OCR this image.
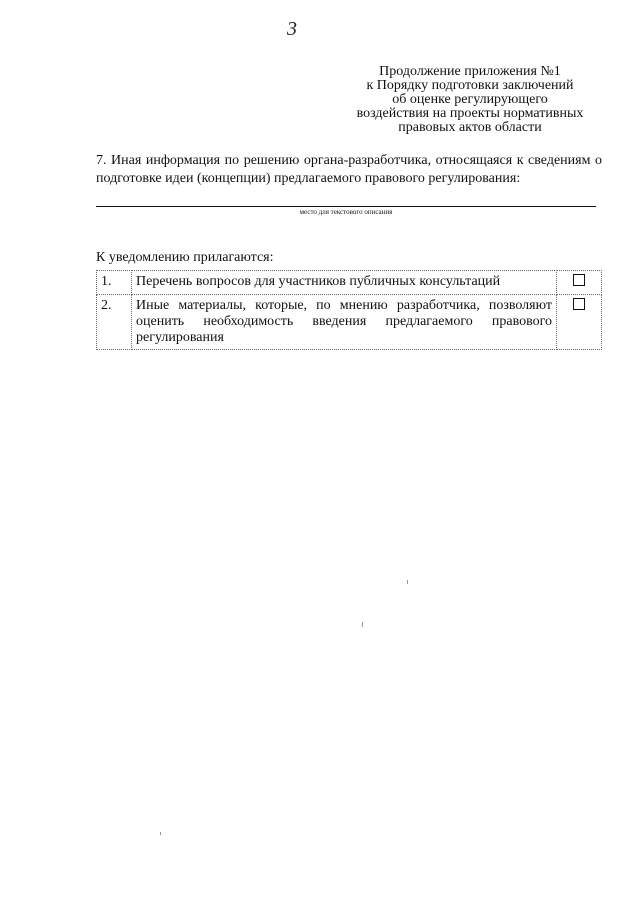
3
Продолжение приложения №1
к Порядку подготовки заключений
об оценке регулирующего
воздействия на проекты нормативных
правовых актов области
7. Иная информация по решению органа-разработчика, относящаяся к сведениям о подготовке идеи (концепции) предлагаемого правового регулирования:
место для текстового описания
К уведомлению прилагаются:
1.	Перечень вопросов для участников публичных консультаций	
2.	Иные материалы, которые, по мнению разработчика, позволяют оценить необходимость введения предлагаемого правового регулирования	
